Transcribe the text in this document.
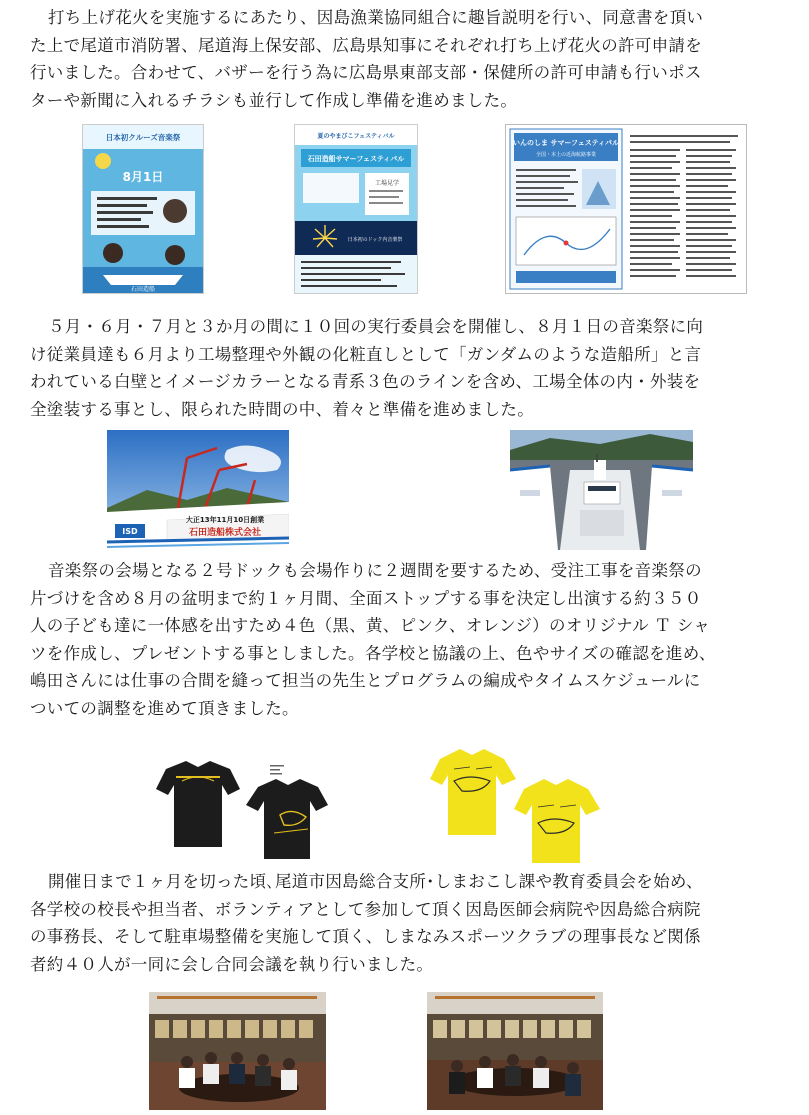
打ち上げ花火を実施するにあたり、因島漁業協同組合に趣旨説明を行い、同意書を頂い
た上で尾道市消防署、尾道海上保安部、広島県知事にそれぞれ打ち上げ花火の許可申請を
行いました。合わせて、バザーを行う為に広島県東部支部・保健所の許可申請も行いポス
ターや新聞に入れるチラシも並行して作成し準備を進めました。
日本初クルーズ音楽祭
8月1日
石田造船
夏のやまびこフェスティバル
石田造船サマーフェスティバル
工場見学
日本初のドック内音楽祭
いんのしま サマーフェスティバル
全国・本土の近海航路事業
５月・６月・７月と３か月の間に１０回の実行委員会を開催し、８月１日の音楽祭に向
け従業員達も６月より工場整理や外観の化粧直しとして「ガンダムのような造船所」と言
われている白壁とイメージカラーとなる青系３色のラインを含め、工場全体の内・外装を
全塗装する事とし、限られた時間の中、着々と準備を進めました。
ISD
大正13年11月10日創業
石田造船株式会社
音楽祭の会場となる２号ドックも会場作りに２週間を要するため、受注工事を音楽祭の
片づけを含め８月の盆明まで約１ヶ月間、全面ストップする事を決定し出演する約３５０
人の子ども達に一体感を出すため４色（黒、黄、ピンク、オレンジ）のオリジナル Ｔ シャ
ツを作成し、プレゼントする事としました。各学校と協議の上、色やサイズの確認を進め、
嶋田さんには仕事の合間を縫って担当の先生とプログラムの編成やタイムスケジュールに
ついての調整を進めて頂きました。
開催日まで１ヶ月を切った頃､尾道市因島総合支所･しまおこし課や教育委員会を始め、
各学校の校長や担当者、ボランティアとして参加して頂く因島医師会病院や因島総合病院
の事務長、そして駐車場整備を実施して頂く、しまなみスポーツクラブの理事長など関係
者約４０人が一同に会し合同会議を執り行いました。
